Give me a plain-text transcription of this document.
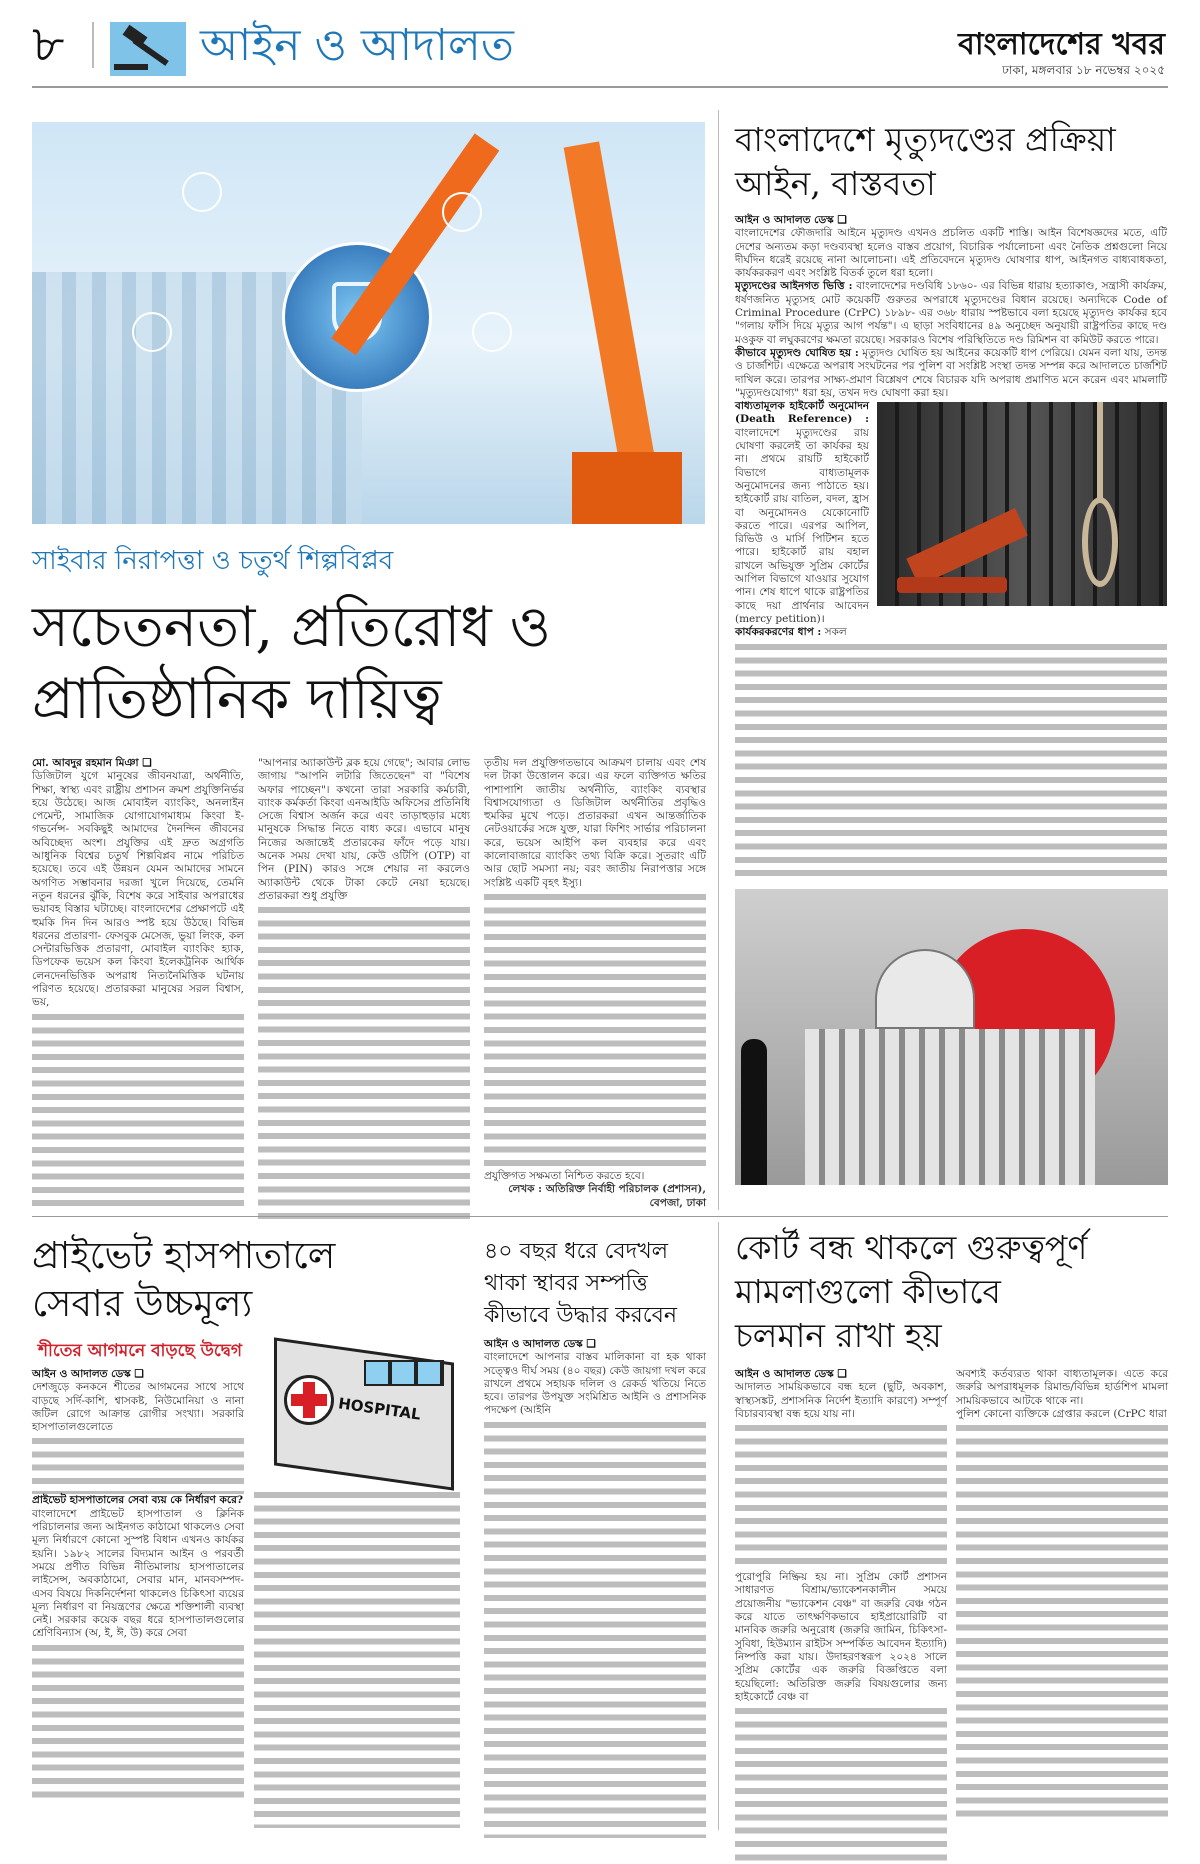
৮	আইন ও আদালত	বাংলাদেশের খবর
ঢাকা, মঙ্গলবার ১৮ নভেম্বর ২০২৫
সাইবার নিরাপত্তা ও চতুর্থ শিল্পবিপ্লব
সচেতনতা, প্রতিরোধ ও
প্রাতিষ্ঠানিক দায়িত্ব

মো. আবদুর রহমান মিঞা ❑

ডিজিটাল যুগে মানুষের জীবনযাত্রা, অর্থনীতি, শিক্ষা, স্বাস্থ্য এবং রাষ্ট্রীয় প্রশাসন ক্রমশ প্রযুক্তিনির্ভর হয়ে উঠেছে। আজ মোবাইল ব্যাংকিং, অনলাইন পেমেন্ট, সামাজিক যোগাযোগমাধ্যম কিংবা ই-গভর্নেন্স- সবকিছুই আমাদের দৈনন্দিন জীবনের অবিচ্ছেদ্য অংশ। প্রযুক্তির এই দ্রুত অগ্রগতি আধুনিক বিশ্বের চতুর্থ শিল্পবিপ্লব নামে পরিচিত হয়েছে। তবে এই উন্নয়ন যেমন আমাদের সামনে অগণিত সম্ভাবনার দরজা খুলে দিয়েছে, তেমনি নতুন ধরনের ঝুঁকি, বিশেষ করে সাইবার অপরাধের ভয়াবহ বিস্তার ঘটাচ্ছে। বাংলাদেশের প্রেক্ষাপটে এই হুমকি দিন দিন আরও স্পষ্ট হয়ে উঠছে। বিভিন্ন ধরনের প্রতারণা- ফেসবুক মেসেজ, ভুয়া লিংক, কল সেন্টারভিত্তিক প্রতারণা, মোবাইল ব্যাংকিং হ্যাক, ডিপফেক ভয়েস কল কিংবা ইলেকট্রনিক আর্থিক লেনদেনভিত্তিক অপরাধ নিত্যনৈমিত্তিক ঘটনায় পরিণত হয়েছে। প্রতারকরা মানুষের সরল বিশ্বাস, ভয়,

"আপনার অ্যাকাউন্ট ব্লক হয়ে গেছে"; আবার লোভ জাগায় "আপনি লটারি জিতেছেন" বা "বিশেষ অফার পাচ্ছেন"। কখনো তারা সরকারি কর্মচারী, ব্যাংক কর্মকর্তা কিংবা এনআইডি অফিসের প্রতিনিধি সেজে বিশ্বাস অর্জন করে এবং তাড়াহুড়ার মধ্যে মানুষকে সিদ্ধান্ত নিতে বাধ্য করে। এভাবে মানুষ নিজের অজান্তেই প্রতারকের ফাঁদে পড়ে যায়। অনেক সময় দেখা যায়, কেউ ওটিপি (OTP) বা পিন (PIN) কারও সঙ্গে শেয়ার না করলেও অ্যাকাউন্ট থেকে টাকা কেটে নেয়া হয়েছে। প্রতারকরা শুধু প্রযুক্তি

তৃতীয় দল প্রযুক্তিগতভাবে আক্রমণ চালায় এবং শেষ দল টাকা উত্তোলন করে। এর ফলে ব্যক্তিগত ক্ষতির পাশাপাশি জাতীয় অর্থনীতি, ব্যাংকিং ব্যবস্থার বিশ্বাসযোগ্যতা ও ডিজিটাল অর্থনীতির প্রবৃদ্ধিও হুমকির মুখে পড়ে। প্রতারকরা এখন আন্তর্জাতিক নেটওয়ার্কের সঙ্গে যুক্ত, যারা ফিশিং সার্ভার পরিচালনা করে, ভয়েস আইপি কল ব্যবহার করে এবং কালোবাজারে ব্যাংকিং তথ্য বিক্রি করে। সুতরাং এটি আর ছোট সমস্যা নয়; বরং জাতীয় নিরাপত্তার সঙ্গে সংশ্লিষ্ট একটি বৃহৎ ইস্যু।

প্রযুক্তিগত সক্ষমতা নিশ্চিত করতে হবে।

লেখক : অতিরিক্ত নির্বাহী পরিচালক (প্রশাসন), বেপজা, ঢাকা

বাংলাদেশে মৃত্যুদণ্ডের প্রক্রিয়া
আইন, বাস্তবতা

আইন ও আদালত ডেস্ক ❑

বাংলাদেশের ফৌজদারি আইনে মৃত্যুদণ্ড এখনও প্রচলিত একটি শাস্তি। আইন বিশেষজ্ঞদের মতে, এটি দেশের অন্যতম কড়া দণ্ডব্যবস্থা হলেও বাস্তব প্রয়োগ, বিচারিক পর্যালোচনা এবং নৈতিক প্রশ্নগুলো নিয়ে দীর্ঘদিন ধরেই রয়েছে নানা আলোচনা। এই প্রতিবেদনে মৃত্যুদণ্ড ঘোষণার ধাপ, আইনগত বাধ্যবাধকতা, কার্যকরকরণ এবং সংশ্লিষ্ট বিতর্ক তুলে ধরা হলো।

মৃত্যুদণ্ডের আইনগত ভিত্তি : বাংলাদেশের দণ্ডবিধি ১৮৬০- এর বিভিন্ন ধারায় হত্যাকাণ্ড, সন্ত্রাসী কার্যক্রম, ধর্ষণজনিত মৃত্যুসহ মোট কয়েকটি গুরুতর অপরাধে মৃত্যুদণ্ডের বিধান রয়েছে। অন্যদিকে Code of Criminal Procedure (CrPC) ১৮৯৮- এর ৩৬৮ ধারায় স্পষ্টভাবে বলা হয়েছে মৃত্যুদণ্ড কার্যকর হবে "গলায় ফাঁসি দিয়ে মৃত্যুর আগ পর্যন্ত"। এ ছাড়া সংবিধানের ৪৯ অনুচ্ছেদ অনুযায়ী রাষ্ট্রপতির কাছে দণ্ড মওকুফ বা লঘুকরণের ক্ষমতা রয়েছে। সরকারও বিশেষ পরিস্থিতিতে দণ্ড রিমিশন বা কমিউট করতে পারে।

কীভাবে মৃত্যুদণ্ড ঘোষিত হয় : মৃত্যুদণ্ড ঘোষিত হয় আইনের কয়েকটি ধাপ পেরিয়ে। যেমন বলা যায়, তদন্ত ও চার্জশিট। এক্ষেত্রে অপরাধ সংঘটনের পর পুলিশ বা সংশ্লিষ্ট সংস্থা তদন্ত সম্পন্ন করে আদালতে চার্জশিট দাখিল করে। তারপর সাক্ষ্য-প্রমাণ বিশ্লেষণ শেষে বিচারক যদি অপরাধ প্রমাণিত মনে করেন এবং মামলাটি "মৃত্যুদণ্ডযোগ্য" ধরা হয়, তখন দণ্ড ঘোষণা করা হয়।

বাধ্যতামূলক হাইকোর্ট অনুমোদন (Death Reference) : বাংলাদেশে মৃত্যুদণ্ডের রায় ঘোষণা করলেই তা কার্যকর হয় না। প্রথমে রায়টি হাইকোর্ট বিভাগে বাধ্যতামূলক অনুমোদনের জন্য পাঠাতে হয়। হাইকোর্ট রায় বাতিল, বদল, হ্রাস বা অনুমোদনও যেকোনোটি করতে পারে। এরপর আপিল, রিভিউ ও মার্সি পিটিশন হতে পারে। হাইকোর্ট রায় বহাল রাখলে অভিযুক্ত সুপ্রিম কোর্টের আপিল বিভাগে যাওয়ার সুযোগ পান। শেষ ধাপে থাকে রাষ্ট্রপতির কাছে দয়া প্রার্থনার আবেদন (mercy petition)।

কার্যকরকরণের ধাপ : সকল

প্রাইভেট হাসপাতালে
সেবার উচ্চমূল্য
শীতের আগমনে বাড়ছে উদ্বেগ

আইন ও আদালত ডেস্ক ❑

দেশজুড়ে কনকনে শীতের আগমনের সাথে সাথে বাড়ছে সর্দি-কাশি, শ্বাসকষ্ট, নিউমোনিয়া ও নানা জটিল রোগে আক্রান্ত রোগীর সংখ্যা। সরকারি হাসপাতালগুলোতে

প্রাইভেট হাসপাতালের সেবা ব্যয় কে নির্ধারণ করে?

বাংলাদেশে প্রাইভেট হাসপাতাল ও ক্লিনিক পরিচালনার জন্য আইনগত কাঠামো থাকলেও সেবা মূল্য নির্ধারণে কোনো সুস্পষ্ট বিধান এখনও কার্যকর হয়নি। ১৯৮২ সালের বিদ্যমান আইন ও পরবর্তী সময়ে প্রণীত বিভিন্ন নীতিমালায় হাসপাতালের লাইসেন্স, অবকাঠামো, সেবার মান, মানবসম্পদ- এসব বিষয়ে দিকনির্দেশনা থাকলেও চিকিৎসা ব্যয়ের মূল্য নির্ধারণ বা নিয়ন্ত্রণের ক্ষেত্রে শক্তিশালী ব্যবস্থা নেই। সরকার কয়েক বছর ধরে হাসপাতালগুলোর শ্রেণিবিন্যাস (অ, ই, ঈ, উ) করে সেবা

HOSPITAL
৪০ বছর ধরে বেদখল
থাকা স্থাবর সম্পত্তি
কীভাবে উদ্ধার করবেন

আইন ও আদালত ডেস্ক ❑

বাংলাদেশে আপনার বাস্তব মালিকানা বা হক থাকা সত্ত্বেও দীর্ঘ সময় (৪০ বছর) কেউ জায়গা দখল করে রাখলে প্রথমে সহায়ক দলিল ও রেকর্ড খতিয়ে নিতে হবে। তারপর উপযুক্ত সংমিশ্রিত আইনি ও প্রশাসনিক পদক্ষেপ (আইনি

কোর্ট বন্ধ থাকলে গুরুত্বপূর্ণ
মামলাগুলো কীভাবে
চলমান রাখা হয়

আইন ও আদালত ডেস্ক ❑

আদালত সাময়িকভাবে বন্ধ হলে (ছুটি, অবকাশ, স্বাস্থ্যসঙ্কট, প্রশাসনিক নির্দেশ ইত্যাদি কারণে) সম্পূর্ণ বিচারব্যবস্থা বন্ধ হয়ে যায় না।

পুরোপুরি নিষ্ক্রিয় হয় না। সুপ্রিম কোর্ট প্রশাসন সাধারণত বিশ্রাম/ভ্যাকেশনকালীন সময়ে প্রয়োজনীয় "ভ্যাকেশন বেঞ্চ" বা জরুরি বেঞ্চ গঠন করে যাতে তাৎক্ষণিকভাবে হাইপ্রায়োরিটি বা মানবিক জরুরি অনুরোধ (জরুরি জামিন, চিকিৎসা-সুবিধা, হিউম্যান রাইটস সম্পর্কিত আবেদন ইত্যাদি) নিষ্পত্তি করা যায়। উদাহরণস্বরূপ ২০২৪ সালে সুপ্রিম কোর্টের এক জরুরি বিজ্ঞপ্তিতে বলা হয়েছিলো: অতিরিক্ত জরুরি বিষয়গুলোর জন্য হাইকোর্টে বেঞ্চ বা

অবশ্যই কর্তব্যরত থাকা বাধ্যতামূলক। এতে করে জরুরি অপরাধমূলক রিমান্ড/বিভিন্ন হার্ডশিপ মামলা সাময়িকভাবে আটকে থাকে না।

পুলিশ কোনো ব্যক্তিকে গ্রেপ্তার করলে (CrPC ধারা
